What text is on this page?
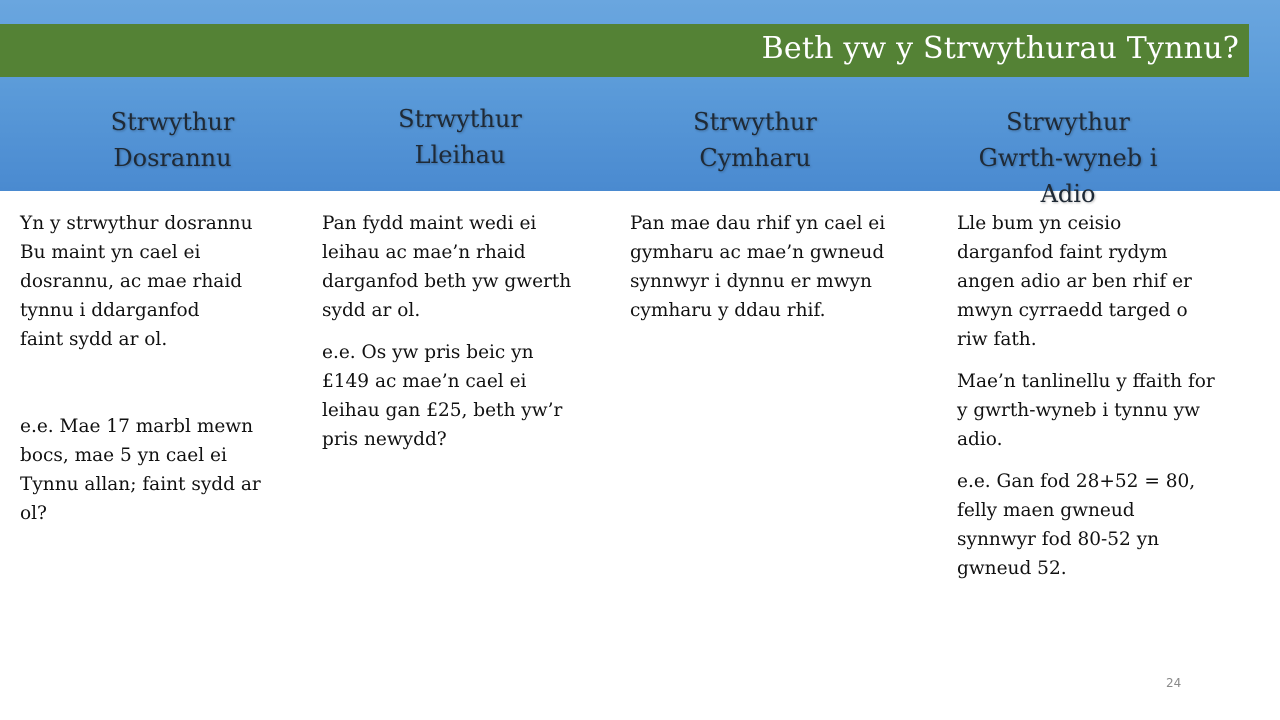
Beth yw y Strwythurau Tynnu?

Strwythur
Dosrannu

Strwythur
Lleihau

Strwythur
Cymharu

Strwythur
Gwrth-wyneb i
Adio

Yn y strwythur dosrannu
Bu maint yn cael ei
dosrannu, ac mae rhaid
tynnu i ddarganfod
faint sydd ar ol.

e.e. Mae 17 marbl mewn
bocs, mae 5 yn cael ei
Tynnu allan; faint sydd ar
ol?

Pan fydd maint wedi ei
leihau ac mae’n rhaid
darganfod beth yw gwerth
sydd ar ol.

e.e. Os yw pris beic yn
£149 ac mae’n cael ei
leihau gan £25, beth yw’r
pris newydd?

Pan mae dau rhif yn cael ei
gymharu ac mae’n gwneud
synnwyr i dynnu er mwyn
cymharu y ddau rhif.

Lle bum yn ceisio
darganfod faint rydym
angen adio ar ben rhif er
mwyn cyrraedd targed o
riw fath.

Mae’n tanlinellu y ffaith for
y gwrth-wyneb i tynnu yw
adio.

e.e. Gan fod 28+52 = 80,
felly maen gwneud
synnwyr fod 80-52 yn
gwneud 52.

24
